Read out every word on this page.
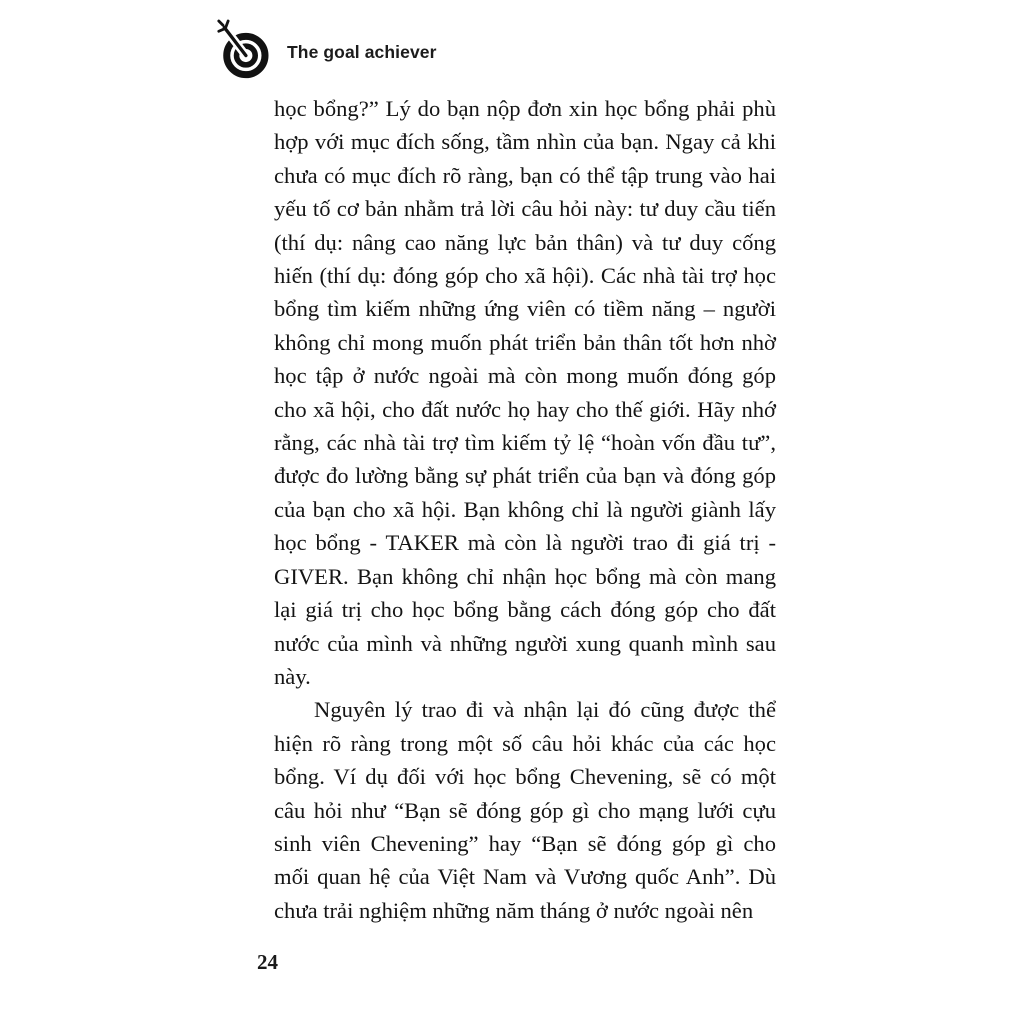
The goal achiever

học bổng?” Lý do bạn nộp đơn xin học bổng phải phù hợp với mục đích sống, tầm nhìn của bạn. Ngay cả khi chưa có mục đích rõ ràng, bạn có thể tập trung vào hai yếu tố cơ bản nhằm trả lời câu hỏi này: tư duy cầu tiến (thí dụ: nâng cao năng lực bản thân) và tư duy cống hiến (thí dụ: đóng góp cho xã hội). Các nhà tài trợ học bổng tìm kiếm những ứng viên có tiềm năng – người không chỉ mong muốn phát triển bản thân tốt hơn nhờ học tập ở nước ngoài mà còn mong muốn đóng góp cho xã hội, cho đất nước họ hay cho thế giới. Hãy nhớ rằng, các nhà tài trợ tìm kiếm tỷ lệ “hoàn vốn đầu tư”, được đo lường bằng sự phát triển của bạn và đóng góp của bạn cho xã hội. Bạn không chỉ là người giành lấy học bổng - TAKER mà còn là người trao đi giá trị - GIVER. Bạn không chỉ nhận học bổng mà còn mang lại giá trị cho học bổng bằng cách đóng góp cho đất nước của mình và những người xung quanh mình sau này.

Nguyên lý trao đi và nhận lại đó cũng được thể hiện rõ ràng trong một số câu hỏi khác của các học bổng. Ví dụ đối với học bổng Chevening, sẽ có một câu hỏi như “Bạn sẽ đóng góp gì cho mạng lưới cựu sinh viên Chevening” hay “Bạn sẽ đóng góp gì cho mối quan hệ của Việt Nam và Vương quốc Anh”. Dù chưa trải nghiệm những năm tháng ở nước ngoài nên

24
